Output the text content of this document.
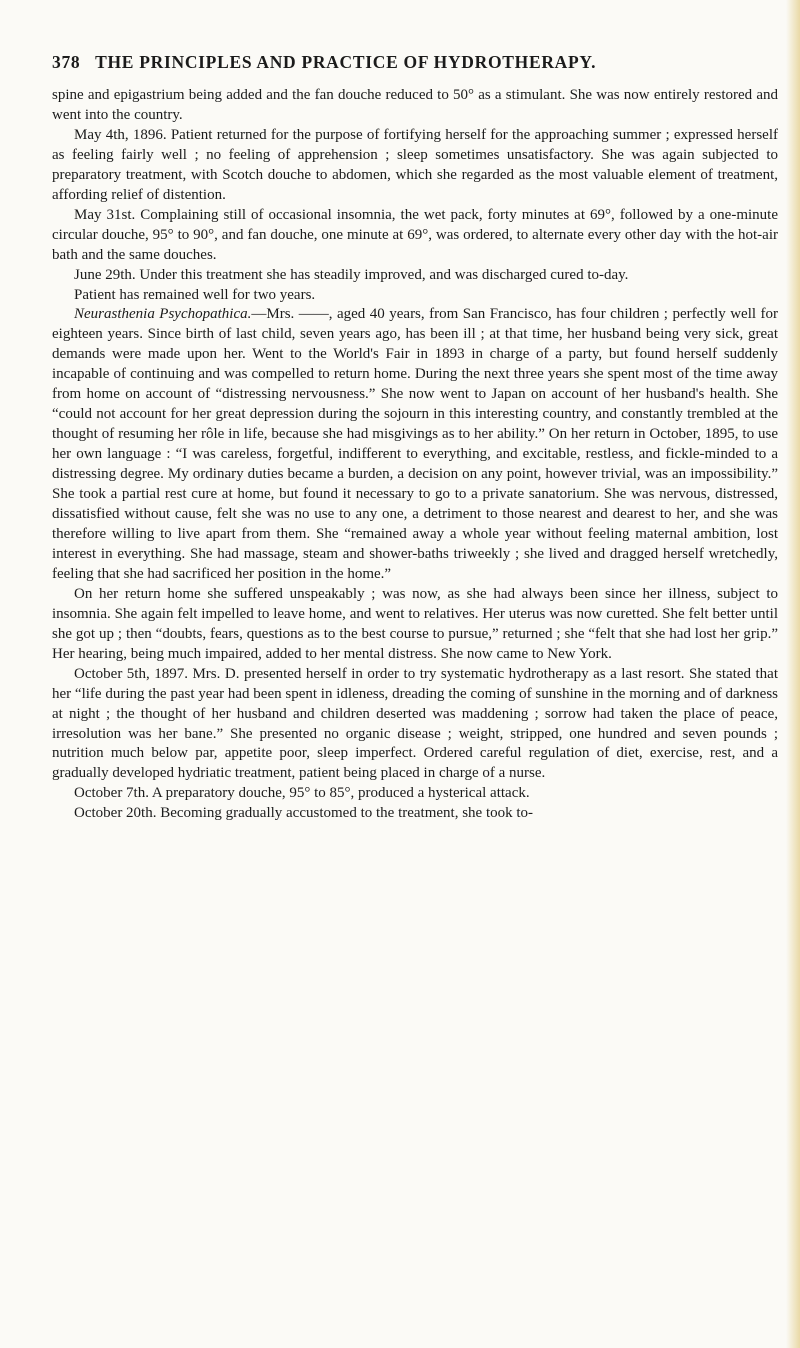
378 THE PRINCIPLES AND PRACTICE OF HYDROTHERAPY.

spine and epigastrium being added and the fan douche reduced to 50° as a stimulant. She was now entirely restored and went into the country.

May 4th, 1896. Patient returned for the purpose of fortifying herself for the approaching summer ; expressed herself as feeling fairly well ; no feeling of apprehension ; sleep sometimes unsatisfactory. She was again subjected to preparatory treatment, with Scotch douche to abdomen, which she regarded as the most valuable element of treatment, affording relief of distention.

May 31st. Complaining still of occasional insomnia, the wet pack, forty minutes at 69°, followed by a one-minute circular douche, 95° to 90°, and fan douche, one minute at 69°, was ordered, to alternate every other day with the hot-air bath and the same douches.

June 29th. Under this treatment she has steadily improved, and was discharged cured to-day.

Patient has remained well for two years.

Neurasthenia Psychopathica.—Mrs. ——, aged 40 years, from San Francisco, has four children ; perfectly well for eighteen years. Since birth of last child, seven years ago, has been ill ; at that time, her husband being very sick, great demands were made upon her. Went to the World's Fair in 1893 in charge of a party, but found herself suddenly incapable of continuing and was compelled to return home. During the next three years she spent most of the time away from home on account of “distressing nervousness.” She now went to Japan on account of her husband's health. She “could not account for her great depression during the sojourn in this interesting country, and constantly trembled at the thought of resuming her rôle in life, because she had misgivings as to her ability.” On her return in October, 1895, to use her own language : “I was careless, forgetful, indifferent to everything, and excitable, restless, and fickle-minded to a distressing degree. My ordinary duties became a burden, a decision on any point, however trivial, was an impossibility.” She took a partial rest cure at home, but found it necessary to go to a private sanatorium. She was nervous, distressed, dissatisfied without cause, felt she was no use to any one, a detriment to those nearest and dearest to her, and she was therefore willing to live apart from them. She “remained away a whole year without feeling maternal ambition, lost interest in everything. She had massage, steam and shower-baths triweekly ; she lived and dragged herself wretchedly, feeling that she had sacrificed her position in the home.”

On her return home she suffered unspeakably ; was now, as she had always been since her illness, subject to insomnia. She again felt impelled to leave home, and went to relatives. Her uterus was now curetted. She felt better until she got up ; then “doubts, fears, questions as to the best course to pursue,” returned ; she “felt that she had lost her grip.” Her hearing, being much impaired, added to her mental distress. She now came to New York.

October 5th, 1897. Mrs. D. presented herself in order to try systematic hydrotherapy as a last resort. She stated that her “life during the past year had been spent in idleness, dreading the coming of sunshine in the morning and of darkness at night ; the thought of her husband and children deserted was maddening ; sorrow had taken the place of peace, irresolution was her bane.” She presented no organic disease ; weight, stripped, one hundred and seven pounds ; nutrition much below par, appetite poor, sleep imperfect. Ordered careful regulation of diet, exercise, rest, and a gradually developed hydriatic treatment, patient being placed in charge of a nurse.

October 7th. A preparatory douche, 95° to 85°, produced a hysterical attack.

October 20th. Becoming gradually accustomed to the treatment, she took to-
